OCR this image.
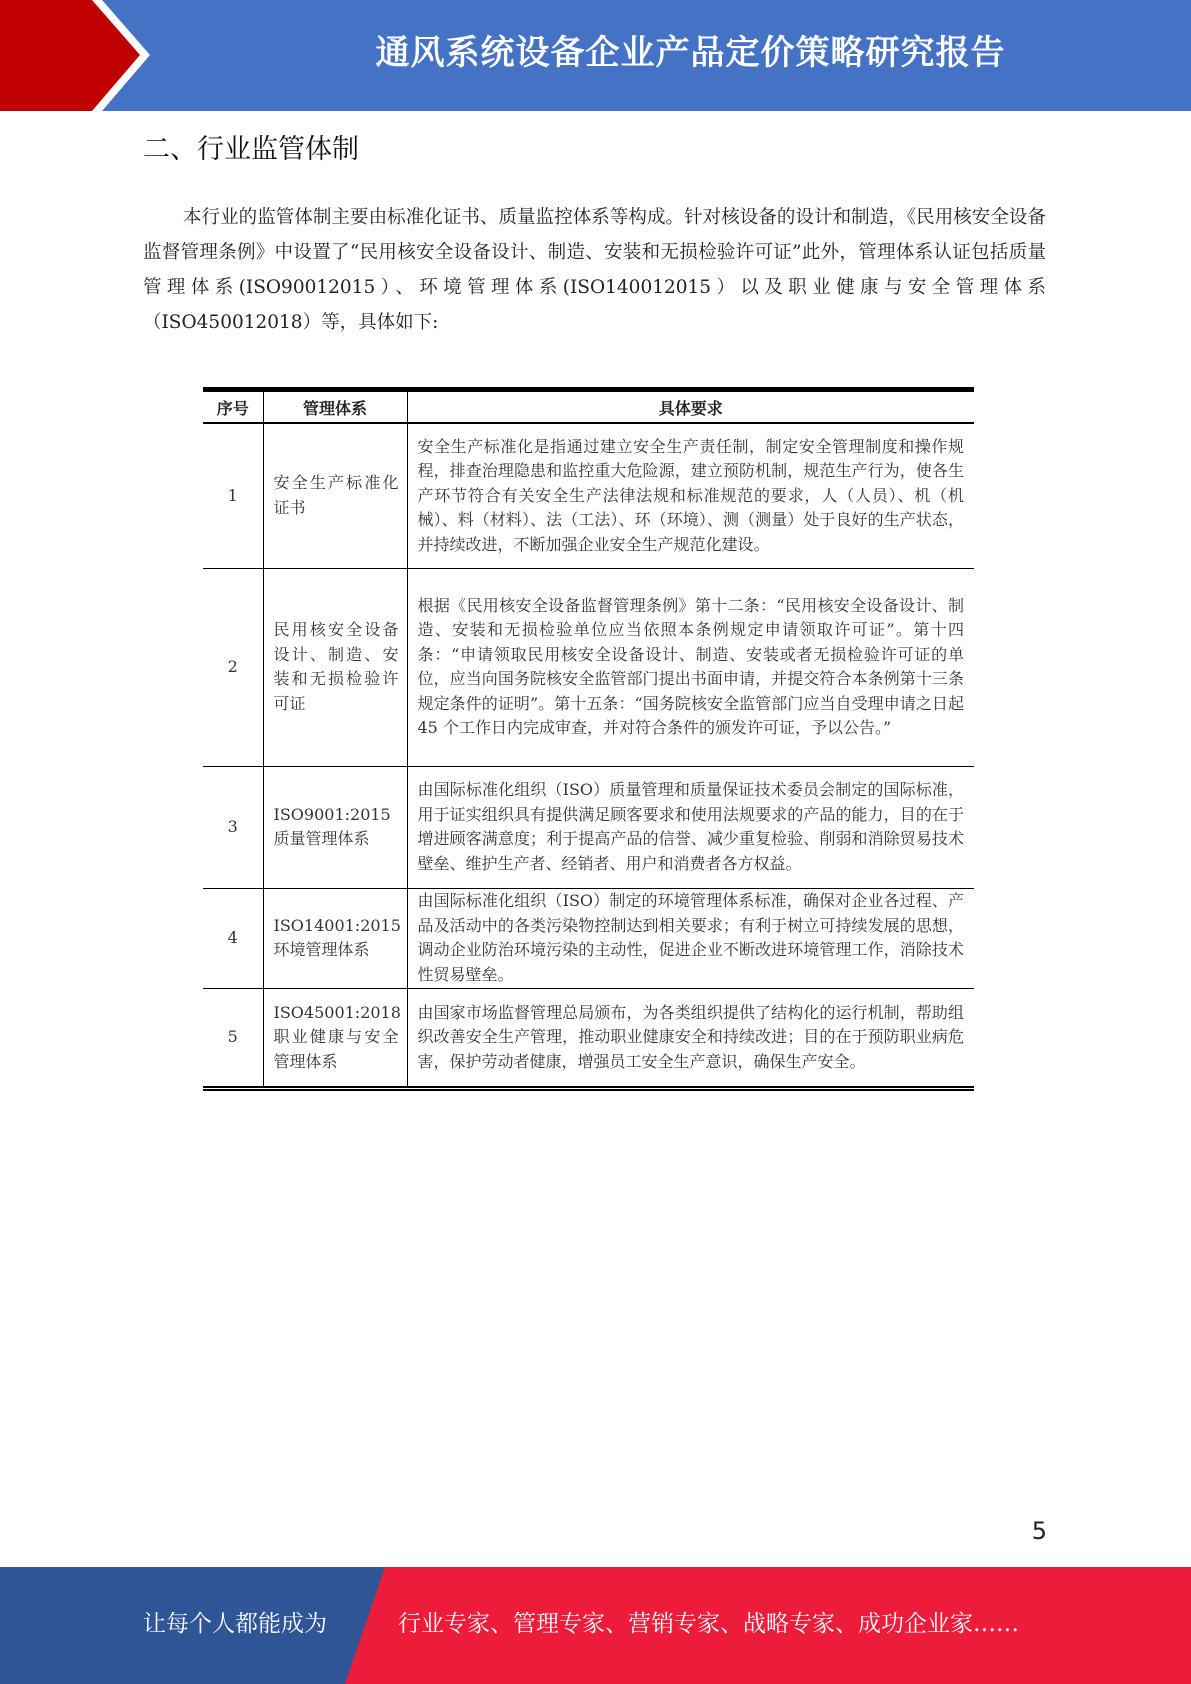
通风系统设备企业产品定价策略研究报告
二、行业监管体制
本行业的监管体制主要由标准化证书、质量监控体系等构成。针对核设备的设计和制造，《民用核安全设备监督管理条例》中设置了“民用核安全设备设计、制造、安装和无损检验许可证”此外，管理体系认证包括质量管理体系(ISO90012015）、环境管理体系(ISO140012015）以及职业健康与安全管理体系（ISO450012018）等，具体如下:
序号	管理体系	具体要求
1	安全生产标准化证书	安全生产标准化是指通过建立安全生产责任制，制定安全管理制度和操作规程，排查治理隐患和监控重大危险源，建立预防机制，规范生产行为，使各生产环节符合有关安全生产法律法规和标准规范的要求，人（人员）、机（机械）、料（材料）、法（工法）、环（环境）、测（测量）处于良好的生产状态，并持续改进，不断加强企业安全生产规范化建设。
2	民用核安全设备设计、制造、安装和无损检验许可证	根据《民用核安全设备监督管理条例》第十二条：“民用核安全设备设计、制造、安装和无损检验单位应当依照本条例规定申请领取许可证”。第十四条：“申请领取民用核安全设备设计、制造、安装或者无损检验许可证的单位，应当向国务院核安全监管部门提出书面申请，并提交符合本条例第十三条规定条件的证明”。第十五条：“国务院核安全监管部门应当自受理申请之日起 45 个工作日内完成审查，并对符合条件的颁发许可证，予以公告。”
3	ISO9001:2015 质量管理体系	由国际标准化组织（ISO）质量管理和质量保证技术委员会制定的国际标准，用于证实组织具有提供满足顾客要求和使用法规要求的产品的能力，目的在于增进顾客满意度；利于提高产品的信誉、减少重复检验、削弱和消除贸易技术壁垒、维护生产者、经销者、用户和消费者各方权益。
4	ISO14001:2015 环境管理体系	由国际标准化组织（ISO）制定的环境管理体系标准，确保对企业各过程、产品及活动中的各类污染物控制达到相关要求；有利于树立可持续发展的思想，调动企业防治环境污染的主动性，促进企业不断改进环境管理工作，消除技术性贸易壁垒。
5	ISO45001:2018 职业健康与安全管理体系	由国家市场监督管理总局颁布，为各类组织提供了结构化的运行机制，帮助组织改善安全生产管理，推动职业健康安全和持续改进；目的在于预防职业病危害，保护劳动者健康，增强员工安全生产意识，确保生产安全。
5
让每个人都能成为	行业专家、管理专家、营销专家、战略专家、成功企业家……
